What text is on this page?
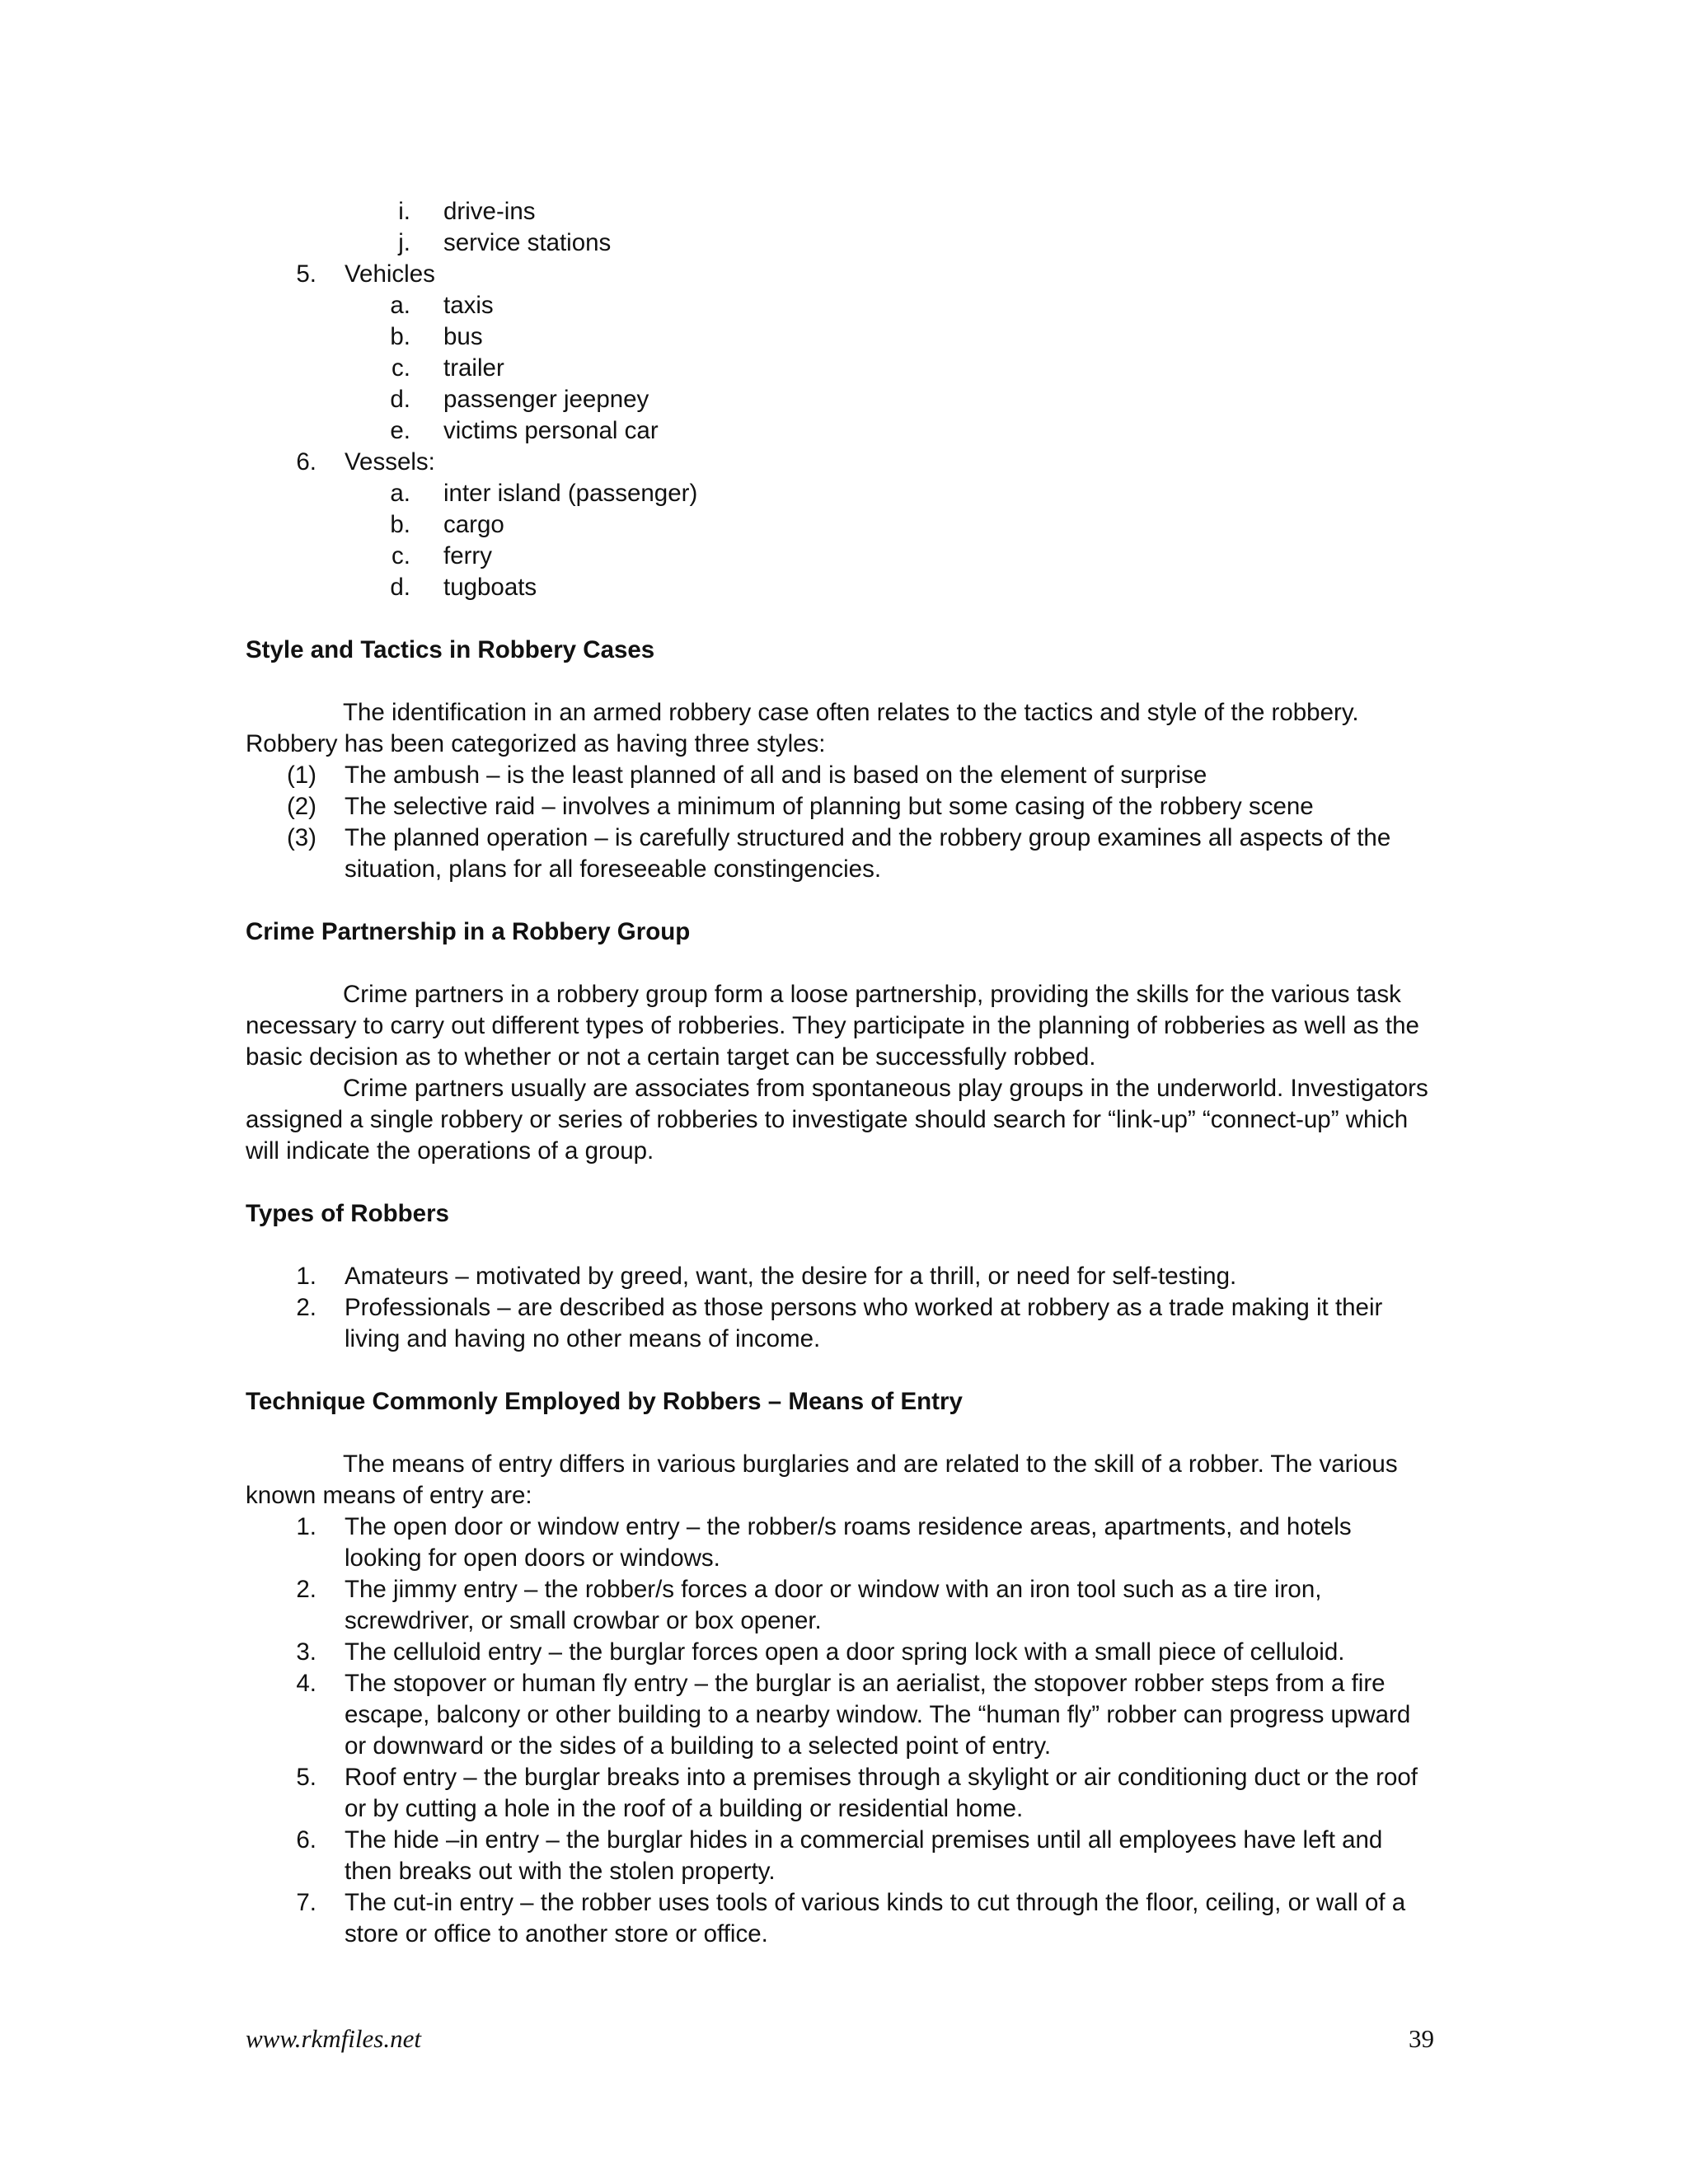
i. drive-ins
j. service stations
5. Vehicles
a. taxis
b. bus
c. trailer
d. passenger jeepney
e. victims personal car
6. Vessels:
a. inter island (passenger)
b. cargo
c. ferry
d. tugboats
Style and Tactics in Robbery Cases
The identification in an armed robbery case often relates to the tactics and style of the robbery. Robbery has been categorized as having three styles:
(1) The ambush – is the least planned of all and is based on the element of surprise
(2) The selective raid – involves a minimum of planning but some casing of the robbery scene
(3) The planned operation – is carefully structured and the robbery group examines all aspects of the situation, plans for all foreseeable constingencies.
Crime Partnership in a Robbery Group
Crime partners in a robbery group form a loose partnership, providing the skills for the various task necessary to carry out different types of robberies. They participate in the planning of robberies as well as the basic decision as to whether or not a certain target can be successfully robbed.
Crime partners usually are associates from spontaneous play groups in the underworld. Investigators assigned a single robbery or series of robberies to investigate should search for “link-up” “connect-up” which will indicate the operations of a group.
Types of Robbers
1. Amateurs – motivated by greed, want, the desire for a thrill, or need for self-testing.
2. Professionals – are described as those persons who worked at robbery as a trade making it their living and having no other means of income.
Technique Commonly Employed by Robbers – Means of Entry
The means of entry differs in various burglaries and are related to the skill of a robber. The various known means of entry are:
1. The open door or window entry – the robber/s roams residence areas, apartments, and hotels looking for open doors or windows.
2. The jimmy entry – the robber/s forces a door or window with an iron tool such as a tire iron, screwdriver, or small crowbar or box opener.
3. The celluloid entry – the burglar forces open a door spring lock with a small piece of celluloid.
4. The stopover or human fly entry – the burglar is an aerialist, the stopover robber steps from a fire escape, balcony or other building to a nearby window. The “human fly” robber can progress upward or downward or the sides of a building to a selected point of entry.
5. Roof entry – the burglar breaks into a premises through a skylight or air conditioning duct or the roof or by cutting a hole in the roof of a building or residential home.
6. The hide –in entry – the burglar hides in a commercial premises until all employees have left and then breaks out with the stolen property.
7. The cut-in entry – the robber uses tools of various kinds to cut through the floor, ceiling, or wall of a store or office to another store or office.
www.rkmfiles.net	39
